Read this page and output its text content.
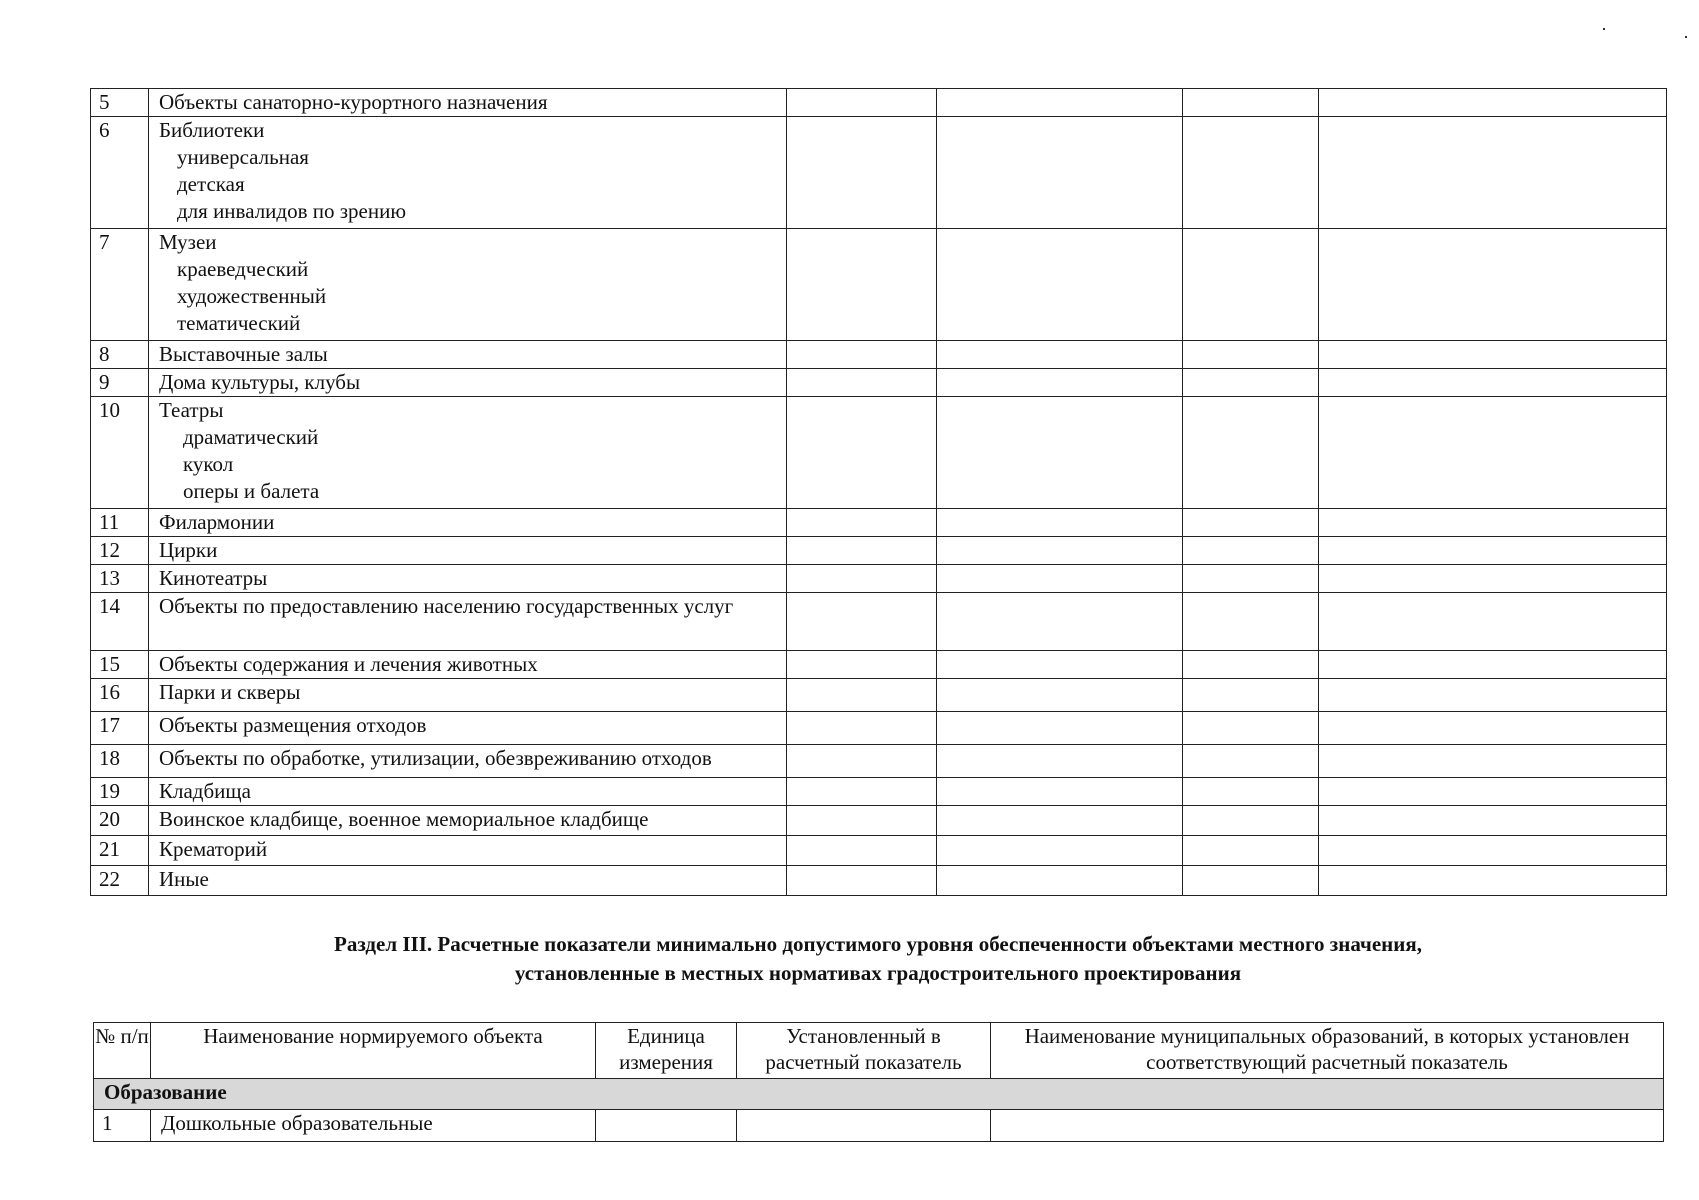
5	Объекты санаторно-курортного назначения				

6	Библиотеки
универсальная
детская
для инвалидов по зрению				

7	Музеи
краеведческий
художественный
тематический				

8	Выставочные залы				

9	Дома культуры, клубы				

10	Театры
драматический
кукол
оперы и балета				

11	Филармонии				

12	Цирки				

13	Кинотеатры				

14	Объекты по предоставлению населению государственных услуг				

15	Объекты содержания и лечения животных				

16	Парки и скверы				

17	Объекты размещения отходов				

18	Объекты по обработке, утилизации, обезвреживанию отходов				

19	Кладбища				

20	Воинское кладбище, военное мемориальное кладбище				

21	Крематорий				

22	Иные				

Раздел III. Расчетные показатели минимально допустимого уровня обеспеченности объектами местного значения,
установленные в местных нормативах градостроительного проектирования
№ п/п	Наименование нормируемого объекта	Единица измерения	Установленный в расчетный показатель	Наименование муниципальных образований, в которых установлен соответствующий расчетный показатель
Образование				
1	Дошкольные образовательные			
